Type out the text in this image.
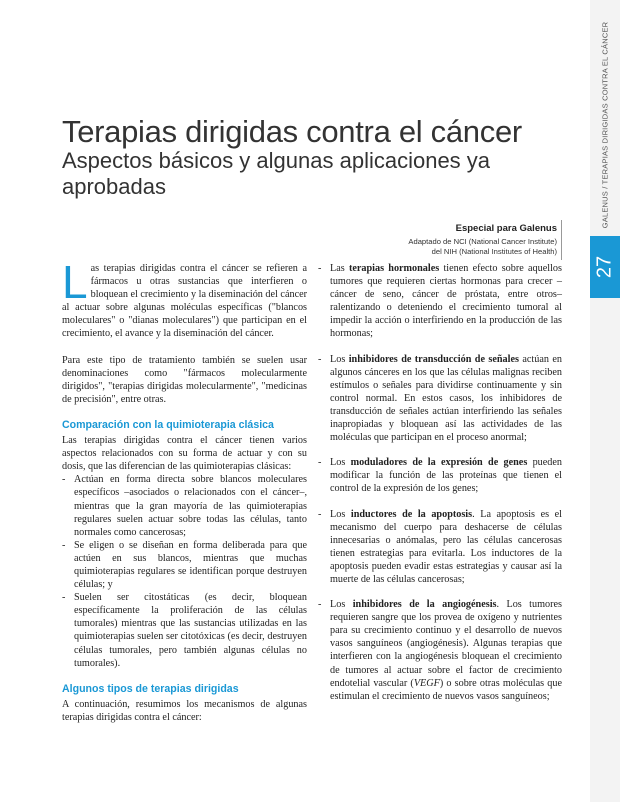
GALENUS / TERAPIAS DIRIGIDAS CONTRA EL CÁNCER
27
Terapias dirigidas contra el cáncer
Aspectos básicos y algunas aplicaciones ya aprobadas
Especial para Galenus
Adaptado de NCI (National Cancer Institute)
del NIH (National Institutes of Health)

Las terapias dirigidas contra el cáncer se refieren a fármacos u otras sustancias que interfieren o bloquean el crecimiento y la diseminación del cáncer al actuar sobre algunas moléculas específicas ("blancos moleculares" o "dianas moleculares") que participan en el crecimiento, el avance y la diseminación del cáncer.

Para este tipo de tratamiento también se suelen usar denominaciones como "fármacos molecularmente dirigidos", "terapias dirigidas molecularmente", "medicinas de precisión", entre otras.

Comparación con la quimioterapia clásica

Las terapias dirigidas contra el cáncer tienen varios aspectos relacionados con su forma de actuar y con su dosis, que las diferencian de las quimioterapias clásicas:

- Actúan en forma directa sobre blancos moleculares específicos –asociados o relacionados con el cáncer–, mientras que la gran mayoría de las quimioterapias regulares suelen actuar sobre todas las células, tanto normales como cancerosas;

- Se eligen o se diseñan en forma deliberada para que actúen en sus blancos, mientras que muchas quimioterapias regulares se identifican porque destruyen células; y

- Suelen ser citostáticas (es decir, bloquean específicamente la proliferación de las células tumorales) mientras que las sustancias utilizadas en las quimioterapias suelen ser citotóxicas (es decir, destruyen células tumorales, pero también algunas células no tumorales).

Algunos tipos de terapias dirigidas

A continuación, resumimos los mecanismos de algunas terapias dirigidas contra el cáncer:

- Las terapias hormonales tienen efecto sobre aquellos tumores que requieren ciertas hormonas para crecer –cáncer de seno, cáncer de próstata, entre otros– ralentizando o deteniendo el crecimiento tumoral al impedir la acción o interfiriendo en la producción de las hormonas;

- Los inhibidores de transducción de señales actúan en algunos cánceres en los que las células malignas reciben estímulos o señales para dividirse continuamente y sin control normal. En estos casos, los inhibidores de transducción de señales actúan interfiriendo las señales inapropiadas y bloquean así las actividades de las moléculas que participan en el proceso anormal;

- Los moduladores de la expresión de genes pueden modificar la función de las proteínas que tienen el control de la expresión de los genes;

- Los inductores de la apoptosis. La apoptosis es el mecanismo del cuerpo para deshacerse de células innecesarias o anómalas, pero las células cancerosas tienen estrategias para evitarla. Los inductores de la apoptosis pueden evadir estas estrategias y causar así la muerte de las células cancerosas;

- Los inhibidores de la angiogénesis. Los tumores requieren sangre que los provea de oxígeno y nutrientes para su crecimiento continuo y el desarrollo de nuevos vasos sanguíneos (angiogénesis). Algunas terapias que interfieren con la angiogénesis bloquean el crecimiento de tumores al actuar sobre el factor de crecimiento endotelial vascular (VEGF) o sobre otras moléculas que estimulan el crecimiento de nuevos vasos sanguíneos;
